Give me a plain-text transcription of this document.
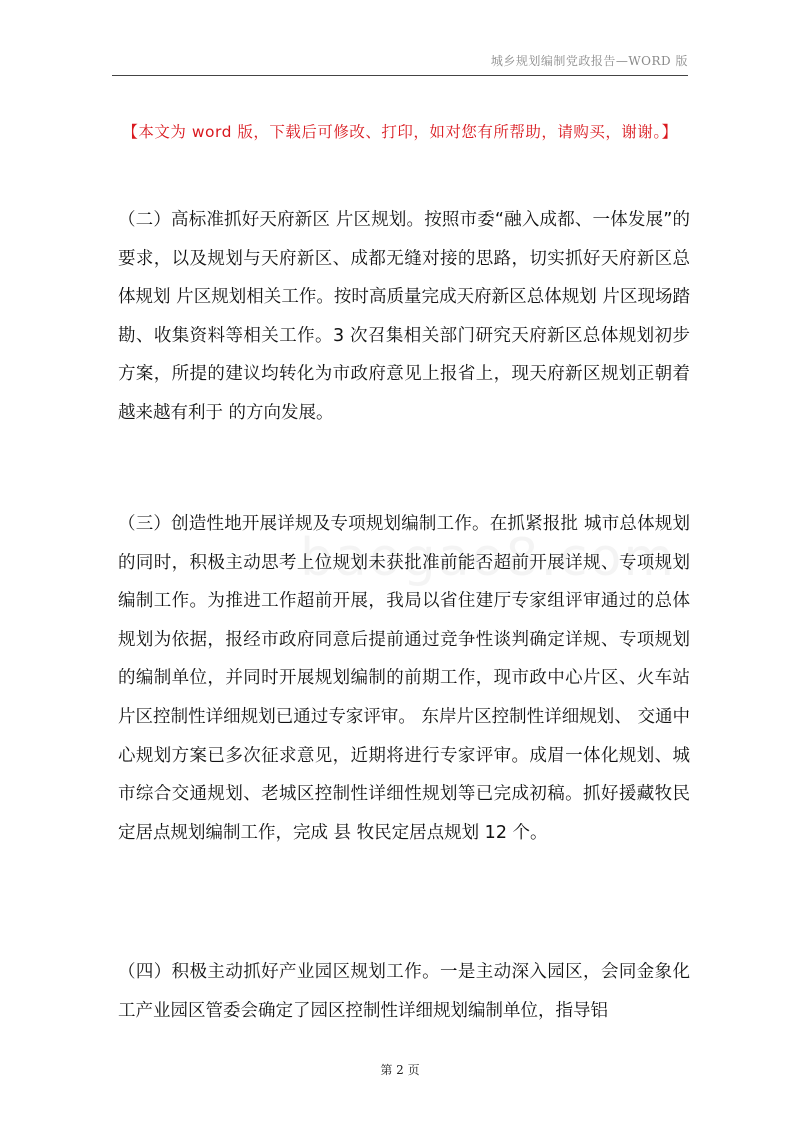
城乡规划编制党政报告—WORD 版
【本文为 word 版，下载后可修改、打印，如对您有所帮助，请购买，谢谢。】
（二）高标准抓好天府新区 片区规划。按照市委“融入成都、一体发展”的要求，以及规划与天府新区、成都无缝对接的思路，切实抓好天府新区总体规划 片区规划相关工作。按时高质量完成天府新区总体规划 片区现场踏勘、收集资料等相关工作。3 次召集相关部门研究天府新区总体规划初步方案，所提的建议均转化为市政府意见上报省上，现天府新区规划正朝着越来越有利于 的方向发展。
（三）创造性地开展详规及专项规划编制工作。在抓紧报批 城市总体规划的同时，积极主动思考上位规划未获批准前能否超前开展详规、专项规划编制工作。为推进工作超前开展，我局以省住建厅专家组评审通过的总体规划为依据，报经市政府同意后提前通过竞争性谈判确定详规、专项规划的编制单位，并同时开展规划编制的前期工作，现市政中心片区、火车站片区控制性详细规划已通过专家评审。 东岸片区控制性详细规划、 交通中心规划方案已多次征求意见，近期将进行专家评审。成眉一体化规划、城市综合交通规划、老城区控制性详细性规划等已完成初稿。抓好援藏牧民定居点规划编制工作，完成 县 牧民定居点规划 12 个。
（四）积极主动抓好产业园区规划工作。一是主动深入园区，会同金象化工产业园区管委会确定了园区控制性详细规划编制单位，指导铝
第 2 页
